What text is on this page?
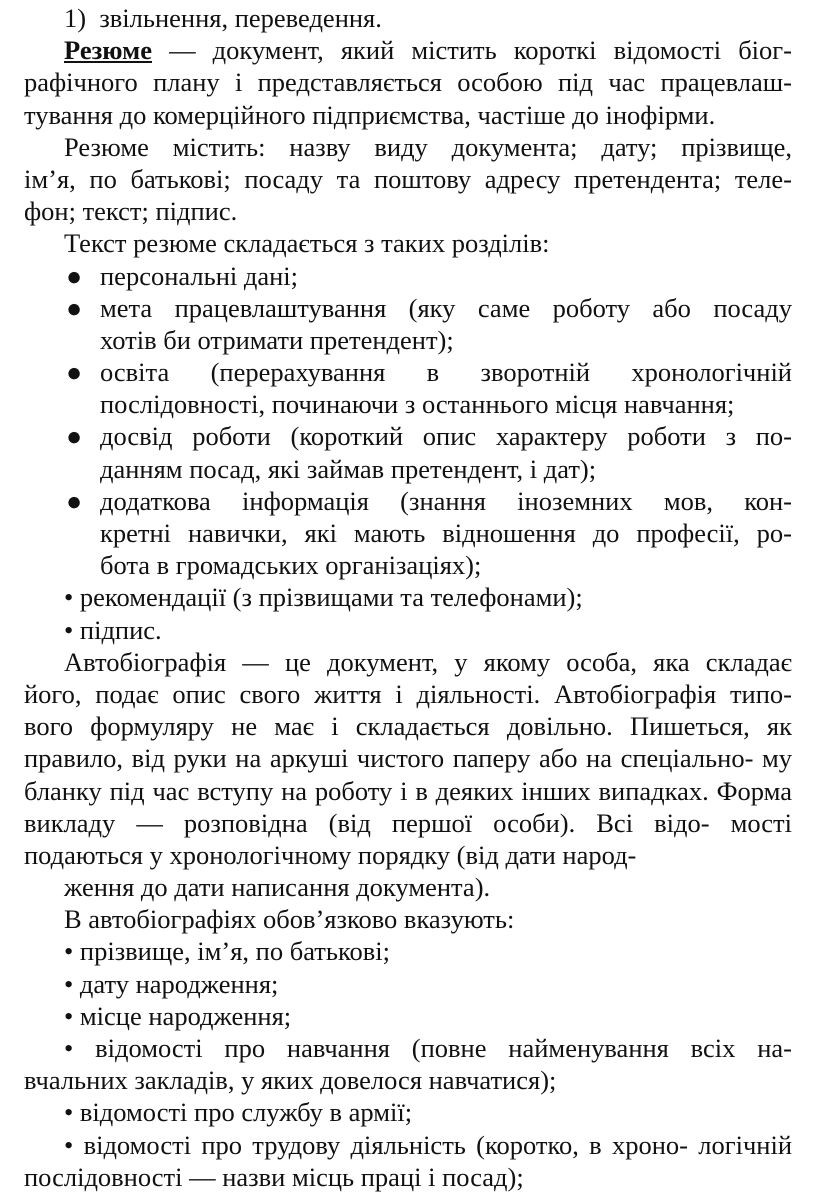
1)  звільнення, переведення.
Резюме — документ, який містить короткі відомості біог-
рафічного плану і представляється особою під час працевлаш-
тування до комерційного підприємства, частіше до інофірми.
Резюме містить: назву виду документа; дату; прізвище,
ім’я, по батькові; посаду та поштову адресу претендента; теле-
фон; текст; підпис.
Текст резюме складається з таких розділів:
● персональні дані;
● мета працевлаштування (яку саме роботу або посаду
хотів би отримати претендент);
● освіта (перерахування в зворотній хронологічній
послідовності, починаючи з останнього місця навчання;
● досвід роботи (короткий опис характеру роботи з по-
данням посад, які займав претендент, і дат);
● додаткова інформація (знання іноземних мов, кон-
кретні навички, які мають відношення до професії, ро-
бота в громадських організаціях);
• рекомендації (з прізвищами та телефонами);
• підпис.
Автобіографія — це документ, у якому особа, яка складає
його, подає опис свого життя і діяльності. Автобіографія типо-
вого формуляру не має і складається довільно. Пишеться, як
правило, від руки на аркуші чистого паперу або на спеціально- му
бланку під час вступу на роботу і в деяких інших випадках. Форма
викладу — розповідна (від першої особи). Всі відо- мості
подаються у хронологічному порядку (від дати народ-
ження до дати написання документа).
В автобіографіях обов’язково вказують:
• прізвище, ім’я, по батькові;
• дату народження;
• місце народження;
• відомості про навчання (повне найменування всіх на-
вчальних закладів, у яких довелося навчатися);
• відомості про службу в армії;
• відомості про трудову діяльність (коротко, в хроно- логічній
послідовності — назви місць праці і посад);
